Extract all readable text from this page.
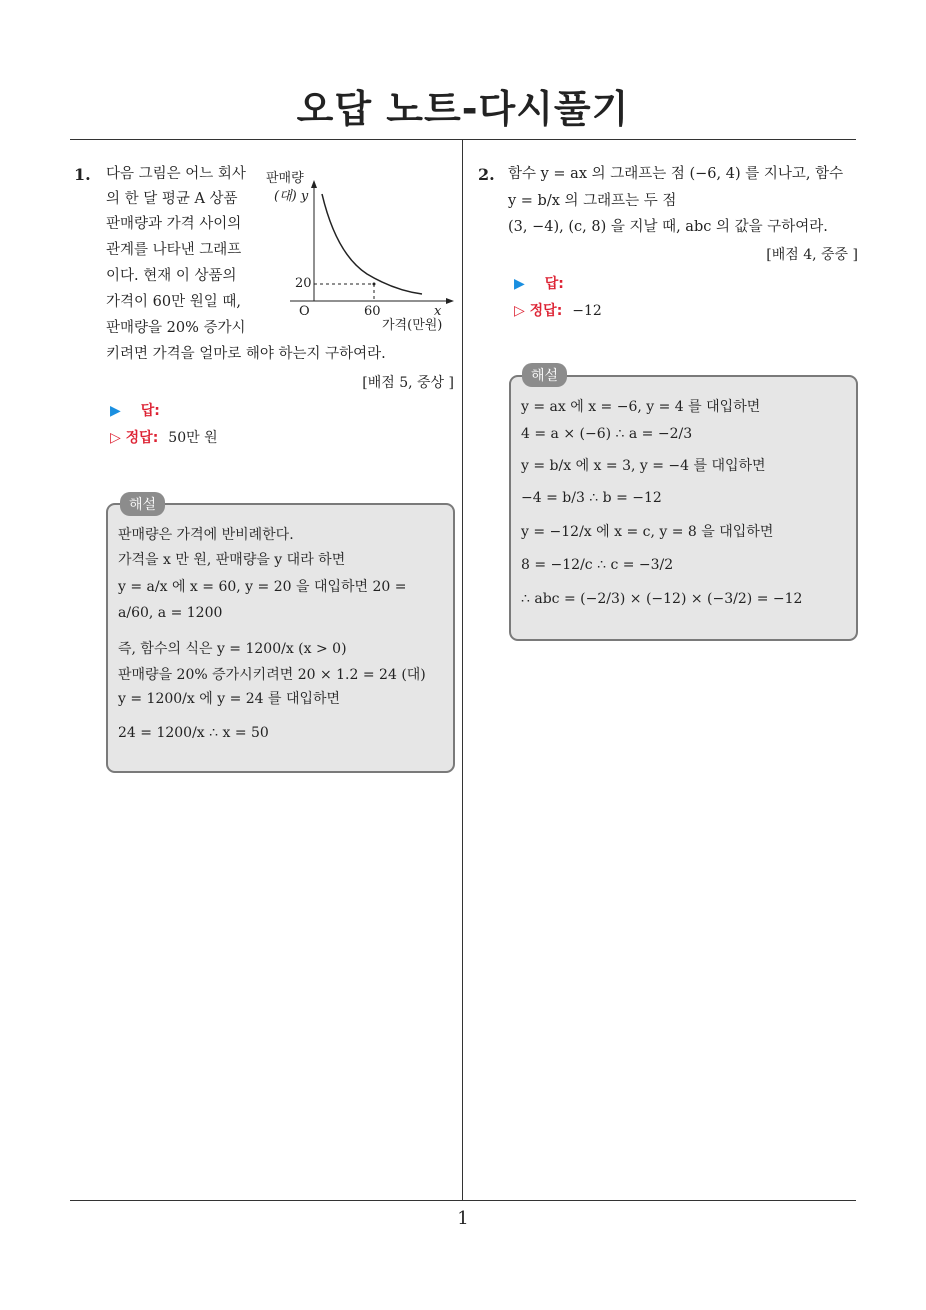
오답 노트-다시풀기
1
1. 다음 그림은 어느 회사
의 한 달 평균 A 상품
판매량과 가격 사이의
관계를 나타낸 그래프
이다. 현재 이 상품의
가격이 60만 원일 때,
판매량을 20% 증가시
키려면 가격을 얼마로 해야 하는지 구하여라.
[배점 5, 중상 ]
판매량
(대) y
20
O	60	x
가격(만원)
▶ 답:
▷ 정답: 50만 원
해설
판매량은 가격에 반비례한다.
가격을 x 만 원, 판매량을 y 대라 하면
y = a/x 에 x = 60, y = 20 을 대입하면 20 =
a/60, a = 1200
즉, 함수의 식은 y = 1200/x (x > 0)
판매량을 20% 증가시키려면 20 × 1.2 = 24 (대)
y = 1200/x 에 y = 24 를 대입하면
24 = 1200/x ∴ x = 50
2. 함수 y = ax 의 그래프는 점 (−6, 4) 를 지나고, 함수
y = b/x 의 그래프는 두 점
(3, −4), (c, 8) 을 지날 때, abc 의 값을 구하여라.
[배점 4, 중중 ]
▶ 답:
▷ 정답: −12
해설
y = ax 에 x = −6, y = 4 를 대입하면
4 = a × (−6) ∴ a = −2/3
y = b/x 에 x = 3, y = −4 를 대입하면
−4 = b/3 ∴ b = −12
y = −12/x 에 x = c, y = 8 을 대입하면
8 = −12/c ∴ c = −3/2
∴ abc = (−2/3) × (−12) × (−3/2) = −12
